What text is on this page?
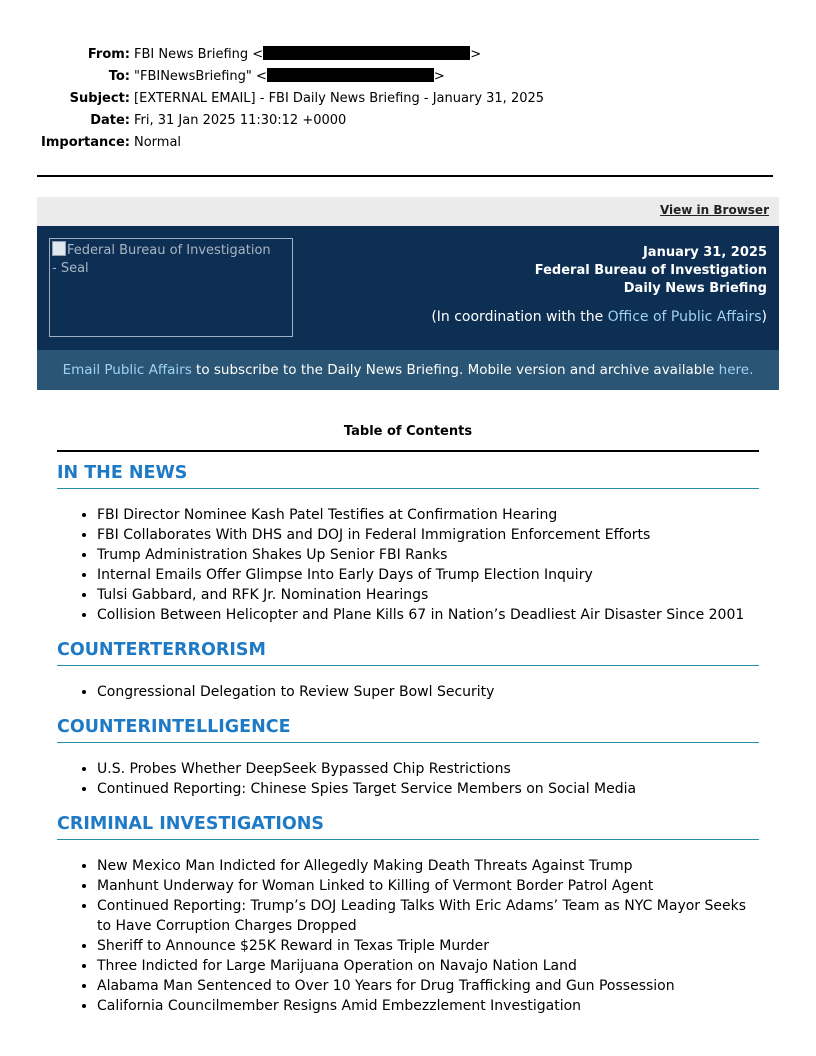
From: FBI News Briefing <	>
To: "FBINewsBriefing" <	>
Subject: [EXTERNAL EMAIL] - FBI Daily News Briefing - January 31, 2025
Date: Fri, 31 Jan 2025 11:30:12 +0000
Importance: Normal
View in Browser
Federal Bureau of Investigation - Seal
January 31, 2025
Federal Bureau of Investigation
Daily News Briefing
(In coordination with the Office of Public Affairs)
Email Public Affairs to subscribe to the Daily News Briefing. Mobile version and archive available here.
Table of Contents
IN THE NEWS
• FBI Director Nominee Kash Patel Testifies at Confirmation Hearing
• FBI Collaborates With DHS and DOJ in Federal Immigration Enforcement Efforts
• Trump Administration Shakes Up Senior FBI Ranks
• Internal Emails Offer Glimpse Into Early Days of Trump Election Inquiry
• Tulsi Gabbard, and RFK Jr. Nomination Hearings
• Collision Between Helicopter and Plane Kills 67 in Nation’s Deadliest Air Disaster Since 2001
COUNTERTERRORISM
• Congressional Delegation to Review Super Bowl Security
COUNTERINTELLIGENCE
• U.S. Probes Whether DeepSeek Bypassed Chip Restrictions
• Continued Reporting: Chinese Spies Target Service Members on Social Media
CRIMINAL INVESTIGATIONS
• New Mexico Man Indicted for Allegedly Making Death Threats Against Trump
• Manhunt Underway for Woman Linked to Killing of Vermont Border Patrol Agent
• Continued Reporting: Trump’s DOJ Leading Talks With Eric Adams’ Team as NYC Mayor Seeks to Have Corruption Charges Dropped
• Sheriff to Announce $25K Reward in Texas Triple Murder
• Three Indicted for Large Marijuana Operation on Navajo Nation Land
• Alabama Man Sentenced to Over 10 Years for Drug Trafficking and Gun Possession
• California Councilmember Resigns Amid Embezzlement Investigation
